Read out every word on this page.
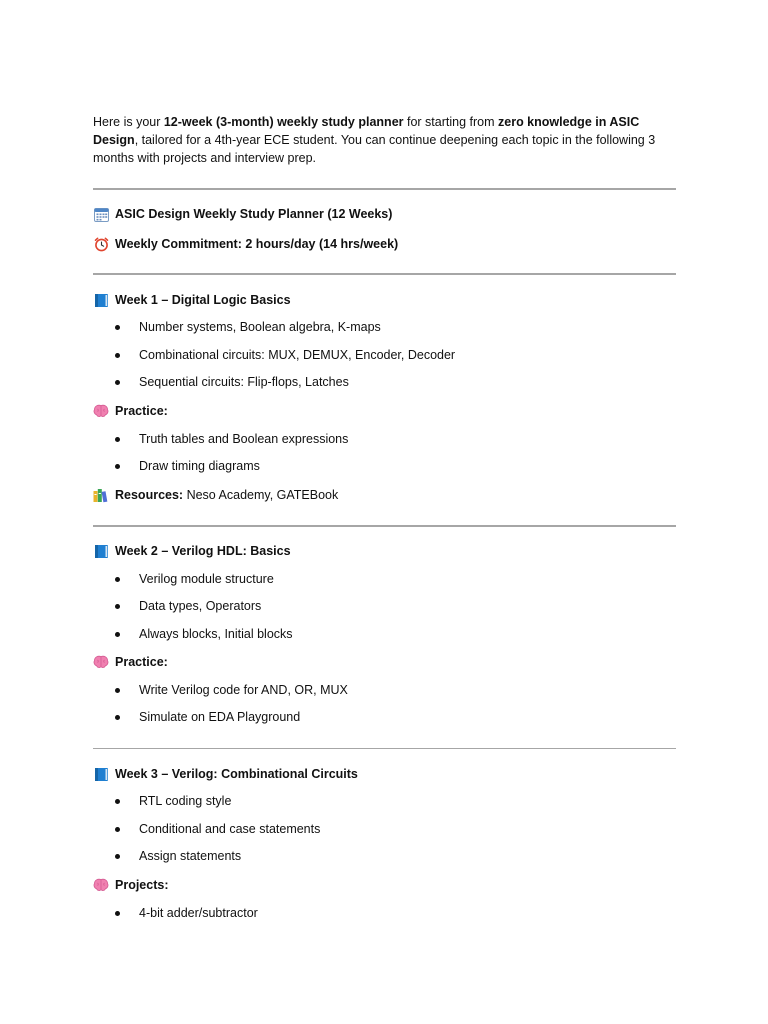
Here is your 12-week (3-month) weekly study planner for starting from zero knowledge in ASIC Design, tailored for a 4th-year ECE student. You can continue deepening each topic in the following 3 months with projects and interview prep.

ASIC Design Weekly Study Planner (12 Weeks)
Weekly Commitment: 2 hours/day (14 hrs/week)
Week 1 – Digital Logic Basics
Number systems, Boolean algebra, K-maps
Combinational circuits: MUX, DEMUX, Encoder, Decoder
Sequential circuits: Flip-flops, Latches
Practice:
Truth tables and Boolean expressions
Draw timing diagrams
Resources: Neso Academy, GATEBook
Week 2 – Verilog HDL: Basics
Verilog module structure
Data types, Operators
Always blocks, Initial blocks
Practice:
Write Verilog code for AND, OR, MUX
Simulate on EDA Playground
Week 3 – Verilog: Combinational Circuits
RTL coding style
Conditional and case statements
Assign statements
Projects:
4-bit adder/subtractor
